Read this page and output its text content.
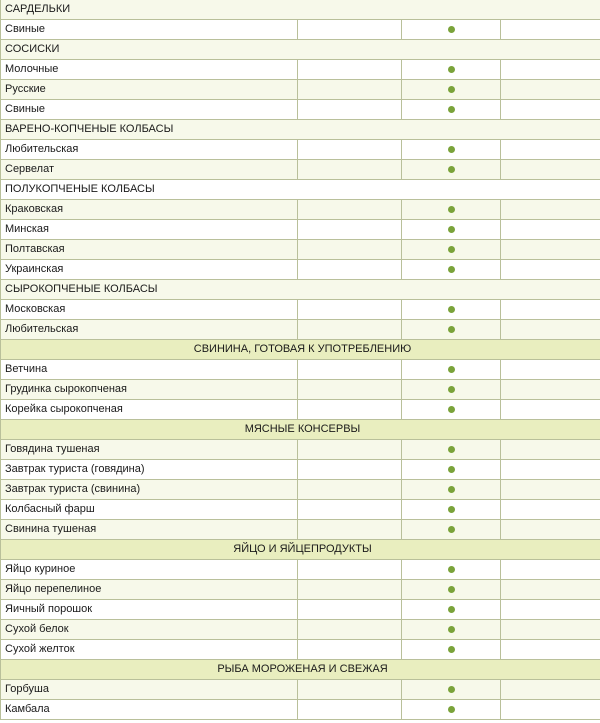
САРДЕЛЬКИ			
Свиные			
СОСИСКИ			
Молочные			
Русские			
Свиные			
ВАРЕНО-КОПЧЕНЫЕ КОЛБАСЫ			
Любительская			
Сервелат			
ПОЛУКОПЧЕНЫЕ КОЛБАСЫ			
Краковская			
Минская			
Полтавская			
Украинская			
СЫРОКОПЧЕНЫЕ КОЛБАСЫ			
Московская			
Любительская			
СВИНИНА, ГОТОВАЯ К УПОТРЕБЛЕНИЮ			
Ветчина			
Грудинка сырокопченая			
Корейка сырокопченая			
МЯСНЫЕ КОНСЕРВЫ			
Говядина тушеная			
Завтрак туриста (говядина)			
Завтрак туриста (свинина)			
Колбасный фарш			
Свинина тушеная			
ЯЙЦО И ЯЙЦЕПРОДУКТЫ			
Яйцо куриное			
Яйцо перепелиное			
Яичный порошок			
Сухой белок			
Сухой желток			
РЫБА МОРОЖЕНАЯ И СВЕЖАЯ			
Горбуша			
Камбала			
